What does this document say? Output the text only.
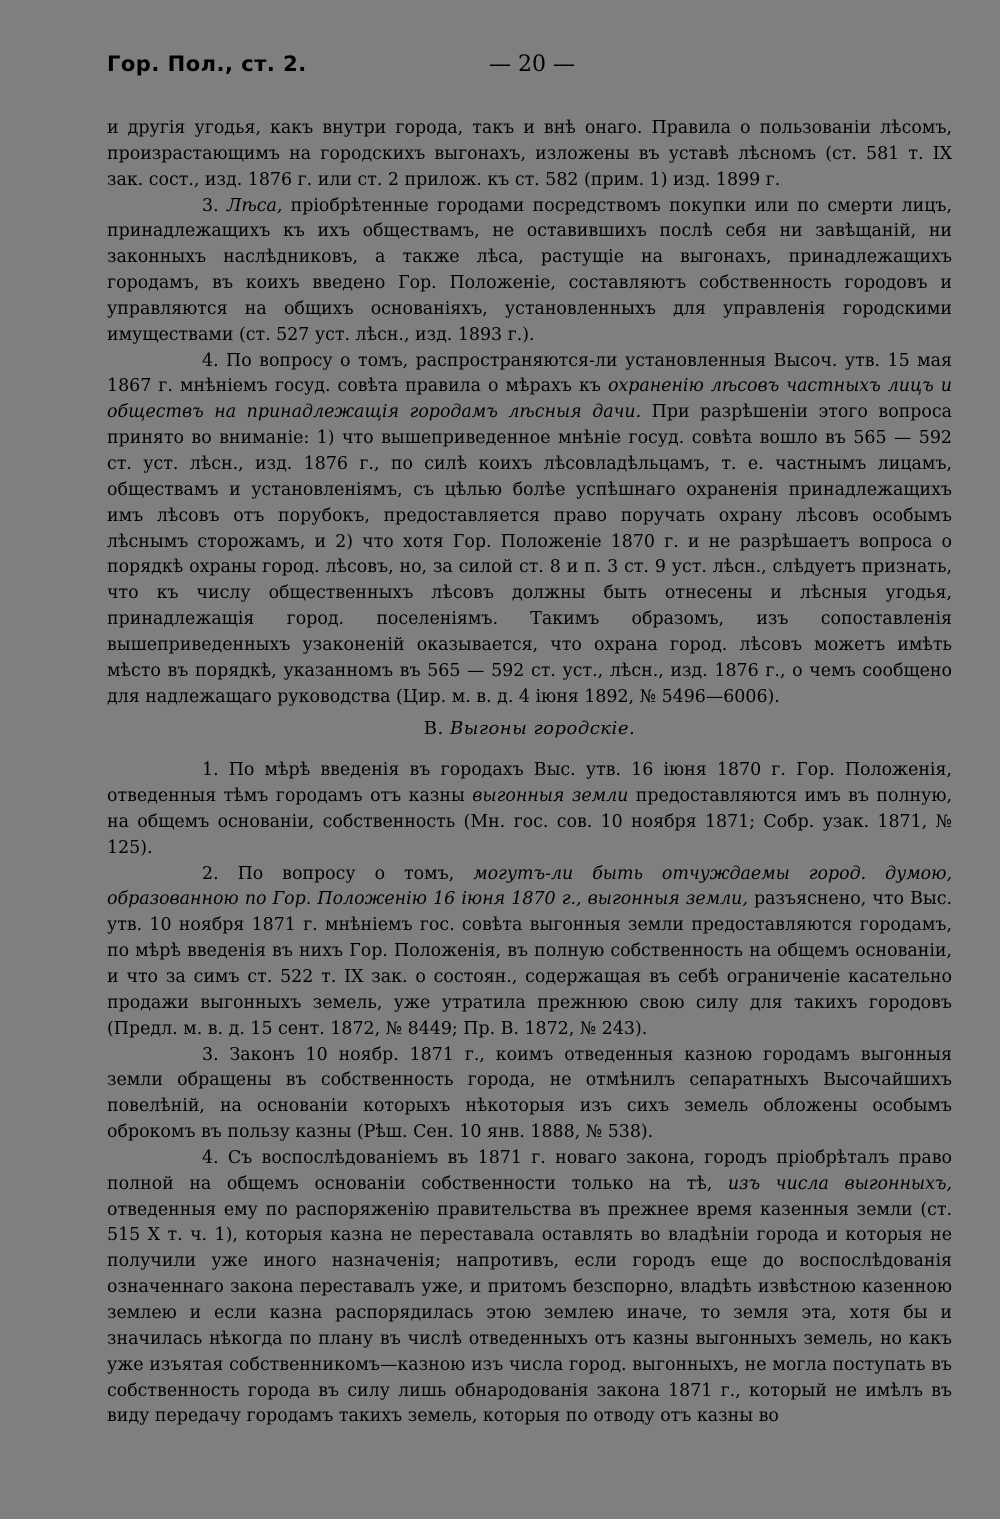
Гор. Пол., ст. 2.	— 20 —

и другія угодья, какъ внутри города, такъ и внѣ онаго. Правила о пользованіи лѣсомъ, произрастающимъ на городскихъ выгонахъ, изложены въ уставѣ лѣсномъ (ст. 581 т. IX зак. сост., изд. 1876 г. или ст. 2 прилож. къ ст. 582 (прим. 1) изд. 1899 г.

3. Лѣса, пріобрѣтенные городами посредствомъ покупки или по смерти лицъ, принадлежащихъ къ ихъ обществамъ, не оставившихъ послѣ себя ни завѣщаній, ни законныхъ наслѣдниковъ, а также лѣса, растущіе на выгонахъ, принадлежащихъ городамъ, въ коихъ введено Гор. Положеніе, составляютъ собственность городовъ и управляются на общихъ основаніяхъ, установленныхъ для управленія городскими имуществами (ст. 527 уст. лѣсн., изд. 1893 г.).

4. По вопросу о томъ, распространяются-ли установленныя Высоч. утв. 15 мая 1867 г. мнѣніемъ госуд. совѣта правила о мѣрахъ къ охраненію лѣсовъ частныхъ лицъ и обществъ на принадлежащія городамъ лѣсныя дачи. При разрѣшеніи этого вопроса принято во вниманіе: 1) что вышеприведенное мнѣніе госуд. совѣта вошло въ 565 — 592 ст. уст. лѣсн., изд. 1876 г., по силѣ коихъ лѣсовладѣльцамъ, т. е. частнымъ лицамъ, обществамъ и установленіямъ, съ цѣлью болѣе успѣшнаго охраненія принадлежащихъ имъ лѣсовъ отъ порубокъ, предоставляется право поручать охрану лѣсовъ особымъ лѣснымъ сторожамъ, и 2) что хотя Гор. Положеніе 1870 г. и не разрѣшаетъ вопроса о порядкѣ охраны город. лѣсовъ, но, за силой ст. 8 и п. 3 ст. 9 уст. лѣсн., слѣдуетъ признать, что къ числу общественныхъ лѣсовъ должны быть отнесены и лѣсныя угодья, принадлежащія город. поселеніямъ. Такимъ образомъ, изъ сопоставленія вышеприведенныхъ узаконеній оказывается, что охрана город. лѣсовъ можетъ имѣть мѣсто въ порядкѣ, указанномъ въ 565 — 592 ст. уст., лѣсн., изд. 1876 г., о чемъ сообщено для надлежащаго руководства (Цир. м. в. д. 4 іюня 1892, № 5496—6006).

В. Выгоны городскіе.

1. По мѣрѣ введенія въ городахъ Выс. утв. 16 іюня 1870 г. Гор. Положенія, отведенныя тѣмъ городамъ отъ казны выгонныя земли предоставляются имъ въ полную, на общемъ основаніи, собственность (Мн. гос. сов. 10 ноября 1871; Собр. узак. 1871, № 125).

2. По вопросу о томъ, могутъ-ли быть отчуждаемы город. думою, образованною по Гор. Положенію 16 іюня 1870 г., выгонныя земли, разъяснено, что Выс. утв. 10 ноября 1871 г. мнѣніемъ гос. совѣта выгонныя земли предоставляются городамъ, по мѣрѣ введенія въ нихъ Гор. Положенія, въ полную собственность на общемъ основаніи, и что за симъ ст. 522 т. IX зак. о состоян., содержащая въ себѣ ограниченіе касательно продажи выгонныхъ земель, уже утратила прежнюю свою силу для такихъ городовъ (Предл. м. в. д. 15 сент. 1872, № 8449; Пр. В. 1872, № 243).

3. Законъ 10 ноябр. 1871 г., коимъ отведенныя казною городамъ выгонныя земли обращены въ собственность города, не отмѣнилъ сепаратныхъ Высочайшихъ повелѣній, на основаніи которыхъ нѣкоторыя изъ сихъ земель обложены особымъ оброкомъ въ пользу казны (Рѣш. Сен. 10 янв. 1888, № 538).

4. Съ воспослѣдованіемъ въ 1871 г. новаго закона, городъ пріобрѣталъ право полной на общемъ основаніи собственности только на тѣ, изъ числа выгонныхъ, отведенныя ему по распоряженію правительства въ прежнее время казенныя земли (ст. 515 X т. ч. 1), которыя казна не переставала оставлять во владѣніи города и которыя не получили уже иного назначенія; напротивъ, если городъ еще до воспослѣдованія означеннаго закона переставалъ уже, и притомъ безспорно, владѣть извѣстною казенною землею и если казна распорядилась этою землею иначе, то земля эта, хотя бы и значилась нѣкогда по плану въ числѣ отведенныхъ отъ казны выгонныхъ земель, но какъ уже изъятая собственникомъ—казною изъ числа город. выгонныхъ, не могла поступать въ собственность города въ силу лишь обнародованія закона 1871 г., который не имѣлъ въ виду передачу городамъ такихъ земель, которыя по отводу отъ казны во
